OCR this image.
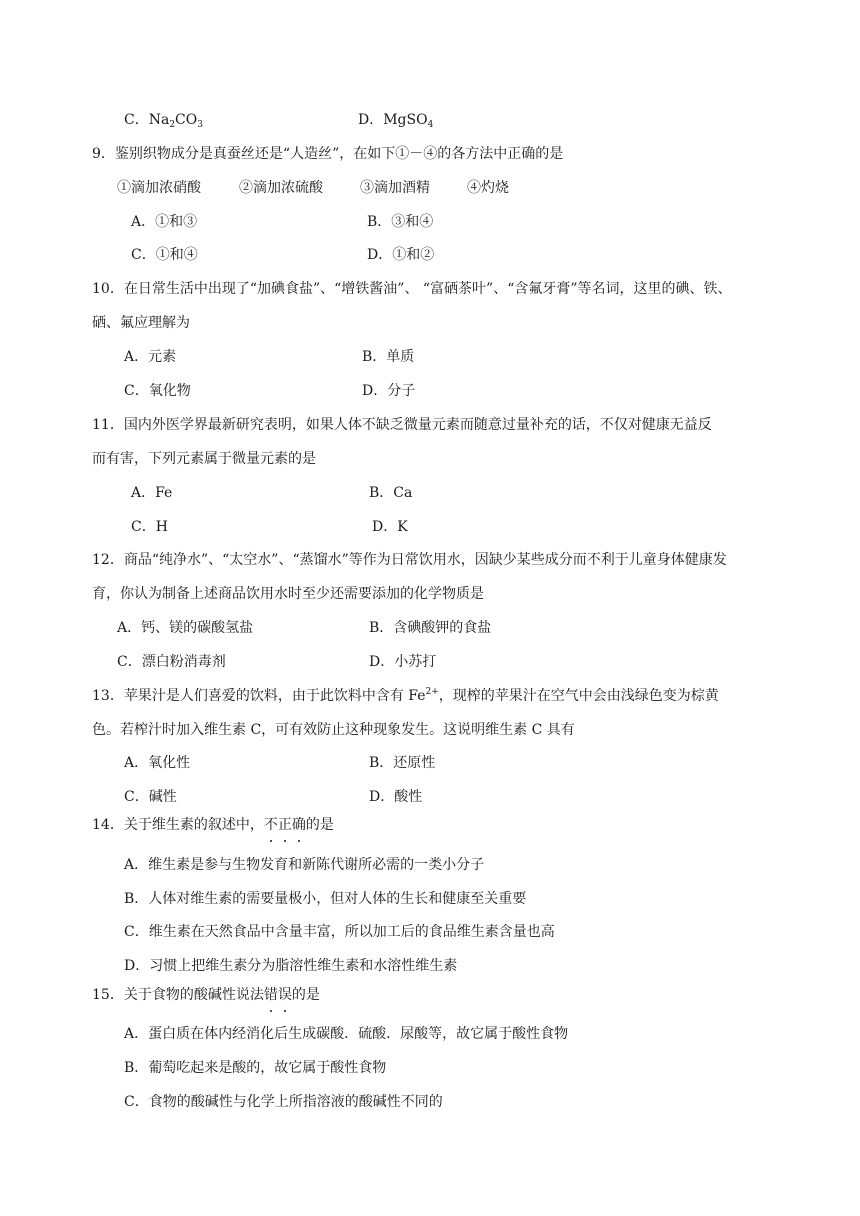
C．$Na_2CO_3$	D．MgSO$_4$
9．鉴别织物成分是真蚕丝还是“人造丝”，在如下①－④的各方法中正确的是
①滴加浓硝酸	②滴加浓硫酸	③滴加酒精	④灼烧
A．①和③	B．③和④
C．①和④	D．①和②
10．在日常生活中出现了“加碘食盐”、“增铁酱油”、 “富硒茶叶”、“含氟牙膏”等名词，这里的碘、铁、
硒、氟应理解为
A．元素	B．单质
C．氧化物	D．分子
11．国内外医学界最新研究表明，如果人体不缺乏微量元素而随意过量补充的话，不仅对健康无益反
而有害，下列元素属于微量元素的是
A．Fe	B．Ca
C．H	D．K
12．商品“纯净水”、“太空水”、“蒸馏水”等作为日常饮用水，因缺少某些成分而不利于儿童身体健康发
育，你认为制备上述商品饮用水时至少还需要添加的化学物质是
A．钙、镁的碳酸氢盐	B．含碘酸钾的食盐
C．漂白粉消毒剂	D．小苏打
13．苹果汁是人们喜爱的饮料，由于此饮料中含有 $Fe^{2+}$，现榨的苹果汁在空气中会由浅绿色变为棕黄
色。若榨汁时加入维生素 C，可有效防止这种现象发生。这说明维生素 C 具有
A．氧化性	B．还原性
C．碱性	D．酸性
14．关于维生素的叙述中，不正确的是
A．维生素是参与生物发育和新陈代谢所必需的一类小分子
B．人体对维生素的需要量极小，但对人体的生长和健康至关重要
C．维生素在天然食品中含量丰富，所以加工后的食品维生素含量也高
D．习惯上把维生素分为脂溶性维生素和水溶性维生素
15．关于食物的酸碱性说法错误的是
A．蛋白质在体内经消化后生成碳酸．硫酸．尿酸等，故它属于酸性食物
B．葡萄吃起来是酸的，故它属于酸性食物
C．食物的酸碱性与化学上所指溶液的酸碱性不同的
